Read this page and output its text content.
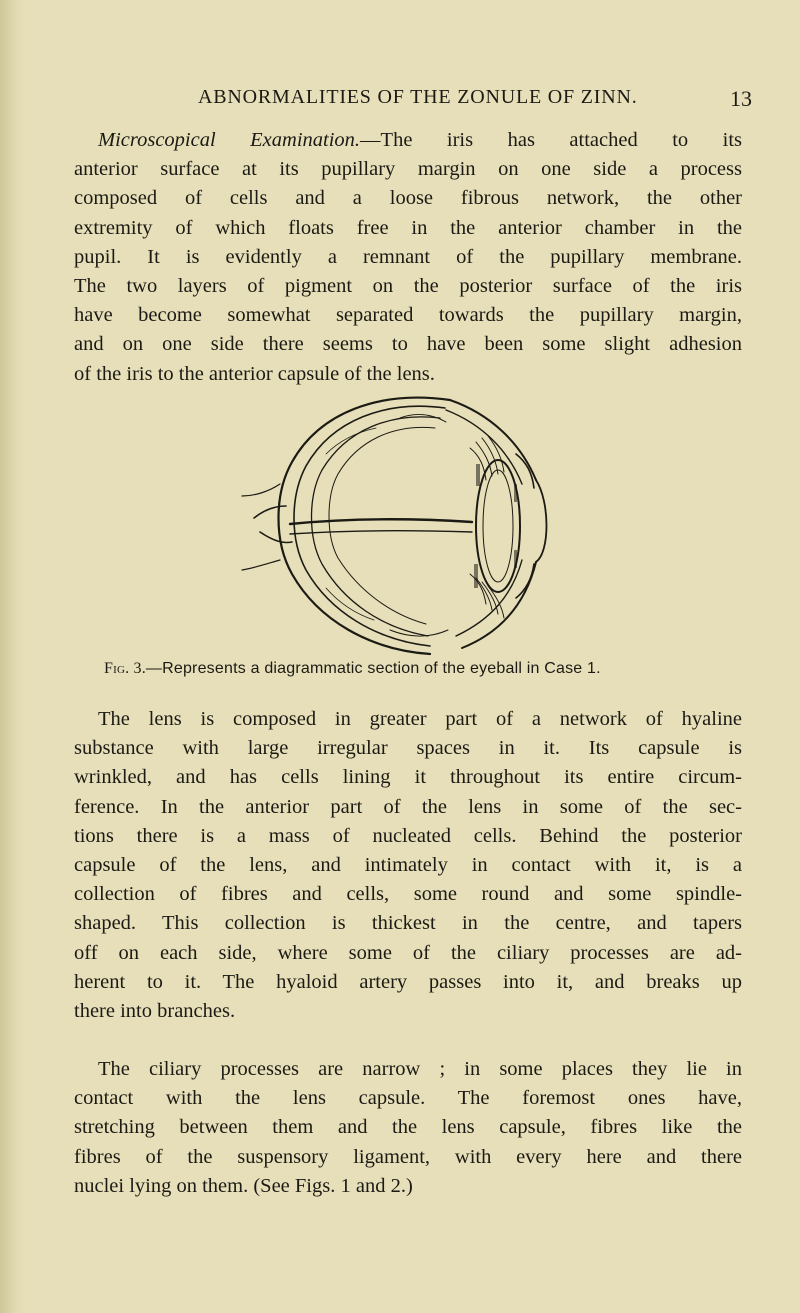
ABNORMALITIES OF THE ZONULE OF ZINN.	13
Microscopical Examination.—The iris has attached to its
anterior surface at its pupillary margin on one side a process
composed of cells and a loose fibrous network, the other
extremity of which floats free in the anterior chamber in the
pupil. It is evidently a remnant of the pupillary membrane.
The two layers of pigment on the posterior surface of the iris
have become somewhat separated towards the pupillary margin,
and on one side there seems to have been some slight adhesion
of the iris to the anterior capsule of the lens.
Fig. 3.—Represents a diagrammatic section of the eyeball in Case 1.
The lens is composed in greater part of a network of hyaline
substance with large irregular spaces in it. Its capsule is
wrinkled, and has cells lining it throughout its entire circum-
ference. In the anterior part of the lens in some of the sec-
tions there is a mass of nucleated cells. Behind the posterior
capsule of the lens, and intimately in contact with it, is a
collection of fibres and cells, some round and some spindle-
shaped. This collection is thickest in the centre, and tapers
off on each side, where some of the ciliary processes are ad-
herent to it. The hyaloid artery passes into it, and breaks up
there into branches.
The ciliary processes are narrow ; in some places they lie in
contact with the lens capsule. The foremost ones have,
stretching between them and the lens capsule, fibres like the
fibres of the suspensory ligament, with every here and there
nuclei lying on them. (See Figs. 1 and 2.)
